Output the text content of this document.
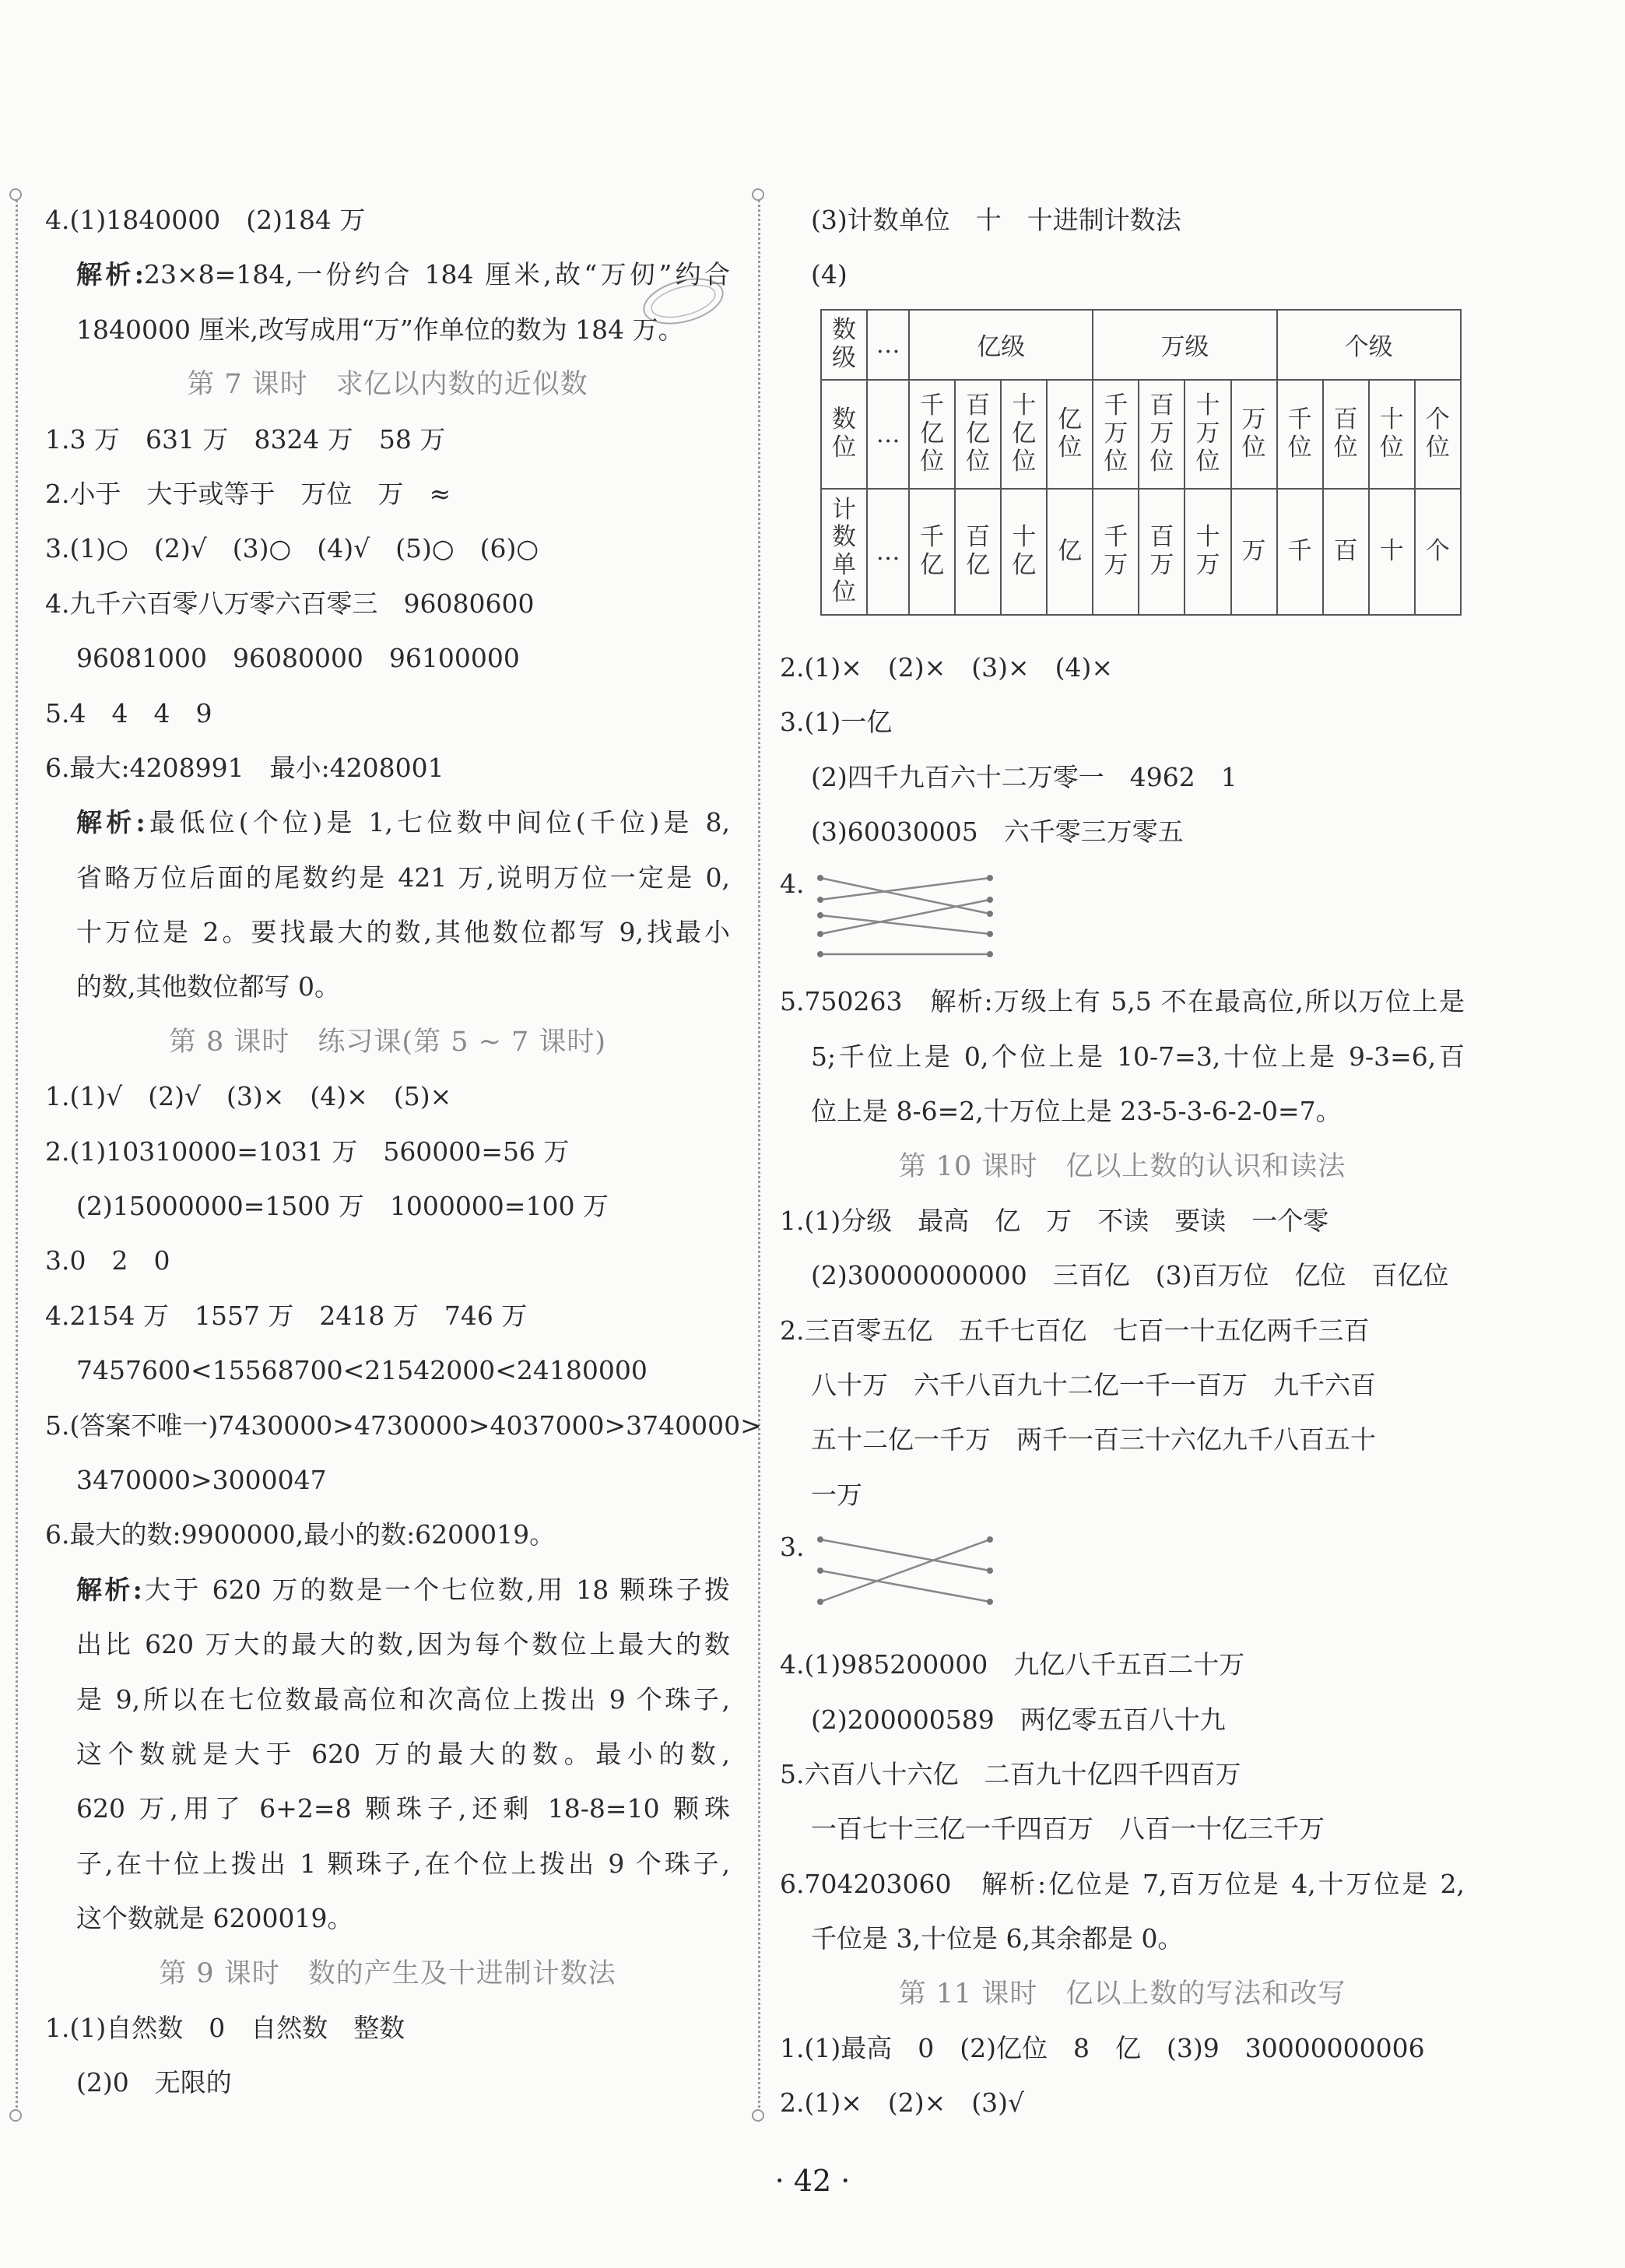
4.(1)1840000　(2)184 万
解析:23×8=184,一份约合 184 厘米,故“万仞”约合
1840000 厘米,改写成用“万”作单位的数为 184 万。
第 7 课时　求亿以内数的近似数
1.3 万　631 万　8324 万　58 万
2.小于　大于或等于　万位　万　≈
3.(1)○　(2)√　(3)○　(4)√　(5)○　(6)○
4.九千六百零八万零六百零三　96080600
96081000　96080000　96100000
5.4　4　4　9
6.最大:4208991　最小:4208001
解析:最低位(个位)是 1,七位数中间位(千位)是 8,
省略万位后面的尾数约是 421 万,说明万位一定是 0,
十万位是 2。要找最大的数,其他数位都写 9,找最小
的数,其他数位都写 0。
第 8 课时　练习课(第 5 ~ 7 课时)
1.(1)√　(2)√　(3)×　(4)×　(5)×
2.(1)10310000=1031 万　560000=56 万
(2)15000000=1500 万　1000000=100 万
3.0　2　0
4.2154 万　1557 万　2418 万　746 万
7457600<15568700<21542000<24180000
5.(答案不唯一)7430000>4730000>4037000>3740000>
3470000>3000047
6.最大的数:9900000,最小的数:6200019。
解析:大于 620 万的数是一个七位数,用 18 颗珠子拨
出比 620 万大的最大的数,因为每个数位上最大的数
是 9,所以在七位数最高位和次高位上拨出 9 个珠子,
这个数就是大于 620 万的最大的数。最小的数,
620 万,用了 6+2=8 颗珠子,还剩 18-8=10 颗珠
子,在十位上拨出 1 颗珠子,在个位上拨出 9 个珠子,
这个数就是 6200019。
第 9 课时　数的产生及十进制计数法
1.(1)自然数　0　自然数　整数
(2)0　无限的
(3)计数单位　十　十进制计数法
(4)
数级	…	亿级				万级				个级			
数位	…	千亿位	百亿位	十亿位	亿位	千万位	百万位	十万位	万位	千位	百位	十位	个位
计数单位	…	千亿	百亿	十亿	亿	千万	百万	十万	万	千	百	十	个
2.(1)×　(2)×　(3)×　(4)×
3.(1)一亿
(2)四千九百六十二万零一　4962　1
(3)60030005　六千零三万零五
4.
5.750263　解析:万级上有 5,5 不在最高位,所以万位上是
5;千位上是 0,个位上是 10-7=3,十位上是 9-3=6,百
位上是 8-6=2,十万位上是 23-5-3-6-2-0=7。
第 10 课时　亿以上数的认识和读法
1.(1)分级　最高　亿　万　不读　要读　一个零
(2)30000000000　三百亿　(3)百万位　亿位　百亿位
2.三百零五亿　五千七百亿　七百一十五亿两千三百
八十万　六千八百九十二亿一千一百万　九千六百
五十二亿一千万　两千一百三十六亿九千八百五十
一万
3.
4.(1)985200000　九亿八千五百二十万
(2)200000589　两亿零五百八十九
5.六百八十六亿　二百九十亿四千四百万
一百七十三亿一千四百万　八百一十亿三千万
6.704203060　解析:亿位是 7,百万位是 4,十万位是 2,
千位是 3,十位是 6,其余都是 0。
第 11 课时　亿以上数的写法和改写
1.(1)最高　0　(2)亿位　8　亿　(3)9　30000000006
2.(1)×　(2)×　(3)√
· 42 ·
